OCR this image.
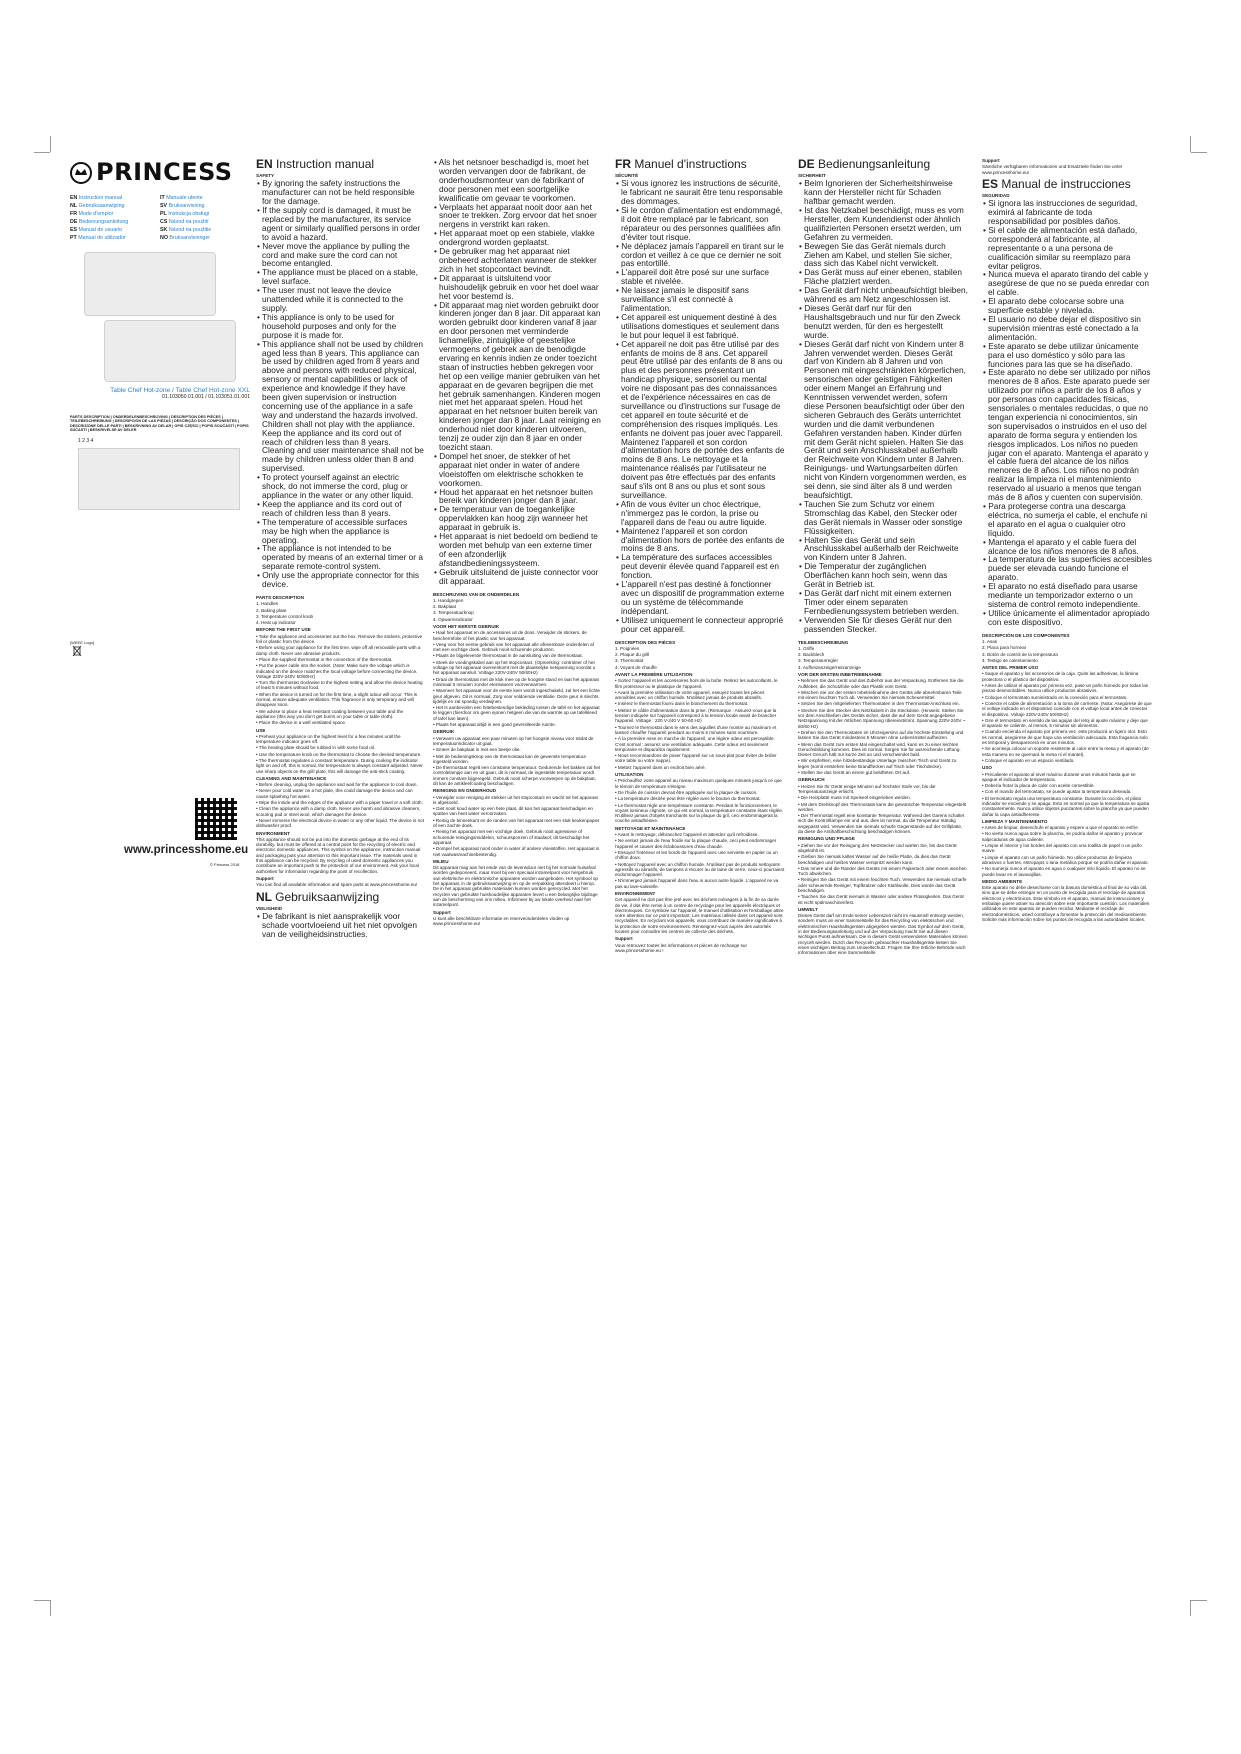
PRINCESS
EN Instruction manual	IT Manuale utente
NL Gebruiksaanwijzing	SV Bruksanvisning
FR Mode d'emploi	PL Instrukcja obsługi
DE Bedienungsanleitung	CS Návod na použití
ES Manual de usuario	SK Návod na použitie
PT Manual do utilizador	NO Bruksanvisninger
Table Chef Hot-zone / Table Chef Hot-zone XXL
01.103050.01.001 / 01.103051.01.001
PARTS DESCRIPTION | ONDERDELENBESCHRIJVING | DESCRIPTION DES PIÈCES | TEILEBESCHREIBUNG | DESCRIPCIÓN DE LAS PIEZAS | DESCRIÇÃO DOS COMPONENTES | DESCRIZIONE DELLE PARTI | BESKRIVNING AV DELAR | OPIS CZĘŚCI | POPIS SOUČÁSTÍ | POPIS SÚČASTÍ | BESKRIVELSE AV DELER
1 2 3 4
[WEEE Logo]
www.princesshome.eu
© Princess 2018
EN Instruction manual
SAFETY

• By ignoring the safety instructions the manufacturer can not be held responsible for the damage.

• If the supply cord is damaged, it must be replaced by the manufacturer, its service agent or similarly qualified persons in order to avoid a hazard.

• Never move the appliance by pulling the cord and make sure the cord can not become entangled.

• The appliance must be placed on a stable, level surface.

• The user must not leave the device unattended while it is connected to the supply.

• This appliance is only to be used for household purposes and only for the purpose it is made for.

• This appliance shall not be used by children aged less than 8 years. This appliance can be used by children aged from 8 years and above and persons with reduced physical, sensory or mental capabilities or lack of experience and knowledge if they have been given supervision or instruction concerning use of the appliance in a safe way and understand the hazards involved. Children shall not play with the appliance. Keep the appliance and its cord out of reach of children less than 8 years. Cleaning and user maintenance shall not be made by children unless older than 8 and supervised.

• To protect yourself against an electric shock, do not immerse the cord, plug or appliance in the water or any other liquid.

• Keep the appliance and its cord out of reach of children less than 8 years.

• The temperature of accessible surfaces may be high when the appliance is operating.

• The appliance is not intended to be operated by means of an external timer or a separate remote-control system.

• Only use the appropriate connector for this device.

PARTS DESCRIPTION

1. Handles

2. Baking plate

3. Temperature control knob

4. Heat up indicator

BEFORE THE FIRST USE

• Take the appliance and accessories out the box. Remove the stickers, protective foil or plastic from the device.

• Before using your appliance for the first time, wipe off all removable parts with a damp cloth. Never use abrasive products.

• Place the supplied thermostat in the connection of the thermostat.

• Put the power cable into the socket. (Note: Make sure the voltage which is indicated on the device matches the local voltage before connecting the device. Voltage 220V-240V 50/60Hz)

• Turn the thermostat clockwise to the highest setting and allow the device heating of least 5 minutes without food.

• When the device is turned on for the first time, a slight odour will occur. This is normal, ensure adequate ventilation. This fragrance is only temporary and will disappear soon.

• We advise to place a heat resistant coating between your table and the appliance (this way you don't get burns on your table or table cloth).

• Place the device in a well ventilated space.

USE

• Preheat your appliance on the highest level for a few minutes until the temperature indicator goes off.

• The heating plate should be rubbed in with some food oil.

• Use the temperature knob on the thermostat to choose the desired temperature.

• The thermostat regulates a constant temperature. During cooking the indicator light on and off, this is normal, the temperature is always constant adjusted. Never use sharp objects on the grill plate, this will damage the anti-stick coating.

CLEANING AND MAINTENANCE

• Before cleaning, unplug the appliance and wait for the appliance to cool down.

• Never pour cold water on a hot plate, this could damage the device and can cause splashing hot water.

• Wipe the inside and the edges of the appliance with a paper towel or a soft cloth.

• Clean the appliance with a damp cloth. Never use harsh and abrasive cleaners, scouring pad or steel wool, which damages the device.

• Never immerse the electrical device in water or any other liquid. The device is not dishwasher proof.

ENVIRONMENT

This appliance should not be put into the domestic garbage at the end of its durability, but must be offered at a central point for the recycling of electric and electronic domestic appliances. This symbol on the appliance, instruction manual and packaging puts your attention to this important issue. The materials used in this appliance can be recycled. By recycling of used domestic appliances you contribute an important push to the protection of our environment. Ask your local authorities for information regarding the point of recollection.

Support

You can find all available information and spare parts at www.princesshome.eu!

NL Gebruiksaanwijzing
VEILIGHEID

• De fabrikant is niet aansprakelijk voor schade voortvloeiend uit het niet opvolgen van de veiligheidsinstructies.

• Als het netsnoer beschadigd is, moet het worden vervangen door de fabrikant, de onderhoudsmonteur van de fabrikant of door personen met een soortgelijke kwalificatie om gevaar te voorkomen.

• Verplaats het apparaat nooit door aan het snoer te trekken. Zorg ervoor dat het snoer nergens in verstrikt kan raken.

• Het apparaat moet op een stabiele, vlakke ondergrond worden geplaatst.

• De gebruiker mag het apparaat niet onbeheerd achterlaten wanneer de stekker zich in het stopcontact bevindt.

• Dit apparaat is uitsluitend voor huishoudelijk gebruik en voor het doel waar het voor bestemd is.

• Dit apparaat mag niet worden gebruikt door kinderen jonger dan 8 jaar. Dit apparaat kan worden gebruikt door kinderen vanaf 8 jaar en door personen met verminderde lichamelijke, zintuiglijke of geestelijke vermogens of gebrek aan de benodigde ervaring en kennis indien ze onder toezicht staan of instructies hebben gekregen voor het op een veilige manier gebruiken van het apparaat en de gevaren begrijpen die met het gebruik samenhangen. Kinderen mogen niet met het apparaat spelen. Houd het apparaat en het netsnoer buiten bereik van kinderen jonger dan 8 jaar. Laat reiniging en onderhoud niet door kinderen uitvoeren, tenzij ze ouder zijn dan 8 jaar en onder toezicht staan.

• Dompel het snoer, de stekker of het apparaat niet onder in water of andere vloeistoffen om elektrische schokken te voorkomen.

• Houd het apparaat en het netsnoer buiten bereik van kinderen jonger dan 8 jaar.

• De temperatuur van de toegankelijke oppervlakken kan hoog zijn wanneer het apparaat in gebruik is.

• Het apparaat is niet bedoeld om bediend te worden met behulp van een externe timer of een afzonderlijk afstandbedieningssysteem.

• Gebruik uitsluitend de juiste connector voor dit apparaat.

BESCHRIJVING VAN DE ONDERDELEN

1. Handgrepen

2. Bakplaat

3. Temperatuurknop

4. Opwarmindicator

VOOR HET EERSTE GEBRUIK

• Haal het apparaat en de accessoires uit de doos. Verwijder de stickers, de beschermfolie of het plastic van het apparaat.

• Veeg voor het eerste gebruik van het apparaat alle afneembare onderdelen af met een vochtige doek. Gebruik nooit schurende producten.

• Plaats de bijgeleverde thermostaat in de aansluiting van de thermostaat.

• Steek de voedingskabel aan op het stopcontact. (Opmerking: controleer of het voltage op het apparaat overeenkomt met de plaatselijke netspanning voordat u het apparaat aansluit. Voltage 220V-240V 50/60Hz)

• Draai de thermostaat met de klok mee op de hoogste stand en laat het apparaat minimaal 5 minuten zonder etenswaren voorverwarmen.

• Wanneer het apparaat voor de eerste keer wordt ingeschakeld, zal het een lichte geur afgeven. Dit is normaal. Zorg voor voldoende ventilatie. Deze geur is slechts tijdelijk en zal spoedig verdwijnen.

• Het is aanbevolen een hittebestendige bekleding tussen de tafel en het apparaat te leggen (hierdoor om geen ejonen hetgeen die van de warmte op uw tafelkleed of tafel kan laten).

• Plaats het apparaat altijd in een goed geventileerde ruimte.

GEBRUIK

• Verwarm uw apparaat een paar minuten op het hoogste niveau voor totdat de temperatuurindicator uit gaat.

• Smeer de bakplaat in met een beetje olie.

• Met de bedieningsknop van de thermostaat kan de gewenste temperatuur ingesteld worden.

• De thermostaat regelt een constante temperatuur. Gedurende het bakken zal het controlelampje aan en uit gaan, dit is normaal, de ingestelde temperatuur wordt immers constant bijgeregeld. Gebruik nooit scherpe voorwerpen op de bakplaat, dit kan de antikleefcoating beschadigen.

REINIGING EN ONDERHOUD

• Verwijder voor reiniging de stekker uit het stopcontact en wacht tot het apparaat is afgekoeld.

• Giet nooit koud water op een hete plaat, dit kan het apparaat beschadigen en spatten van heet water veroorzaken.

• Reinig de binnenkant en de randen van het apparaat met een stuk keukenpapier of een zachte doek.

• Reinig het apparaat met een vochtige doek. Gebruik nooit agressieve of schurende reinigingsmiddelen, schuursponzen of staalwol; dit beschadigt het apparaat.

• Dompel het apparaat nooit onder in water of andere vloeistoffen. Het apparaat is niet vaatwasmachinebestendig.

MILIEU

Dit apparaat mag aan het einde van de levensduur niet bij het normale huisafval worden gedeponeerd, maar moet bij een speciaal inzamelpunt voor hergebruik van elektrische en elektronische apparaten worden aangeboden. Het symbool op het apparaat, in de gebruiksaanwijzing en op de verpakking attendeert u hierop. De in het apparaat gebruikte materialen kunnen worden gerecycled. Met het recyclen van gebruikte huishoudelijke apparaten levert u een belangrijke bijdrage aan de bescherming van ons milieu. Informeer bij uw lokale overheid naar het inzamelpunt.

Support

U kunt alle beschikbare informatie en reserveonderdelen vinden op www.princesshome.eu!

FR Manuel d'instructions
SÉCURITÉ

• Si vous ignorez les instructions de sécurité, le fabricant ne saurait être tenu responsable des dommages.

• Si le cordon d'alimentation est endommagé, il doit être remplacé par le fabricant, son réparateur ou des personnes qualifiées afin d'éviter tout risque.

• Ne déplacez jamais l'appareil en tirant sur le cordon et veillez à ce que ce dernier ne soit pas entortillé.

• L'appareil doit être posé sur une surface stable et nivelée.

• Ne laissez jamais le dispositif sans surveillance s'il est connecté à l'alimentation.

• Cet appareil est uniquement destiné à des utilisations domestiques et seulement dans le but pour lequel il est fabriqué.

• Cet appareil ne doit pas être utilisé par des enfants de moins de 8 ans. Cet appareil peut être utilisé par des enfants de 8 ans ou plus et des personnes présentant un handicap physique, sensoriel ou mental voire ne disposant pas des connaissances et de l'expérience nécessaires en cas de surveillance ou d'instructions sur l'usage de cet appareil en toute sécurité et de compréhension des risques impliqués. Les enfants ne doivent pas jouer avec l'appareil. Maintenez l'appareil et son cordon d'alimentation hors de portée des enfants de moins de 8 ans. Le nettoyage et la maintenance réalisés par l'utilisateur ne doivent pas être effectués par des enfants sauf s'ils ont 8 ans ou plus et sont sous surveillance.

• Afin de vous éviter un choc électrique, n'immergez pas le cordon, la prise ou l'appareil dans de l'eau ou autre liquide.

• Maintenez l'appareil et son cordon d'alimentation hors de portée des enfants de moins de 8 ans.

• La température des surfaces accessibles peut devenir élevée quand l'appareil est en fonction.

• L'appareil n'est pas destiné à fonctionner avec un dispositif de programmation externe ou un système de télécommande indépendant.

• Utilisez uniquement le connecteur approprié pour cet appareil.

DESCRIPTION DES PIÈCES

1. Poignées

2. Plaque du grill

3. Thermostat

4. Voyant de chauffe

AVANT LA PREMIÈRE UTILISATION

• Sortez l'appareil et les accessoires hors de la boîte. Retirez les autocollants, le film protecteur ou le plastique de l'appareil.

• Avant la première utilisation de votre appareil, essuyez toutes les pièces amovibles avec un chiffon humide. N'utilisez jamais de produits abrasifs.

• Insérez le thermostat fourni dans le branchement du thermostat.

• Mettez le câble d'alimentation dans la prise. (Remarque : Assurez-vous que la tension indiquée sur l'appareil correspond à la tension locale avant de brancher l'appareil. Voltage : 220 V-240 V 50-60 Hz)

• Tournez le thermostat dans le sens des aiguilles d'une montre au maximum et laissez chauffer l'appareil pendant au moins 5 minutes sans nourriture.

• À la première mise en marche de l'appareil, une légère odeur est perceptible. C'est normal : assurez une ventilation adéquate. Cette odeur est seulement temporaire et disparaîtra rapidement.

• Nous recommandons de poser l'appareil sur un sous-plat pour éviter de brûler votre table ou votre nappe).

• Mettez l'appareil dans un endroit bien aéré.

UTILISATION

• Préchauffez votre appareil au niveau maximum quelques minutes jusqu'à ce que le témoin de température s'éteigne.

• De l'huile de cuisson devrait être appliquée sur la plaque de cuisson.

• La température désirée peut être réglée avec le bouton du thermostat.

• Le thermostat règle une température constante. Pendant le fonctionnement, le voyant lumineux clignote, ce qui est normal, la température constante étant réglée. N'utilisez jamais d'objets tranchants sur la plaque du gril, ceci endommagerait la couche antiadhésive.

NETTOYAGE ET MAINTENANCE

• Avant le nettoyage, débranchez l'appareil et attendez qu'il refroidisse.

• Ne versez jamais de l'eau froide sur la plaque chaude, ceci peut endommager l'appareil et causer des éclaboussures d'eau chaude.

• Essuyez l'intérieur et les bords de l'appareil avec une serviette en papier ou un chiffon doux.

• Nettoyez l'appareil avec un chiffon humide. N'utilisez pas de produits nettoyants agressifs ou abrasifs, de tampons à récurer ou de laine de verre, ceux-ci pourraient endommager l'appareil.

• N'immergez jamais l'appareil dans l'eau ni aucun autre liquide. L'appareil ne va pas au lave-vaisselle.

ENVIRONNEMENT

Cet appareil ne doit pas être jeté avec les déchets ménagers à la fin de sa durée de vie, il doit être remis à un centre de recyclage pour les appareils électriques et électroniques. Ce symbole sur l'appareil, le manuel d'utilisation et l'emballage attire votre attention sur ce point important. Les matériaux utilisés dans cet appareil sont recyclables. En recyclant vos appareils, vous contribuez de manière significative à la protection de notre environnement. Renseignez-vous auprès des autorités locales pour connaître les centres de collecte des déchets.

Support

Vous retrouvez toutes les informations et pièces de rechange sur www.princesshome.eu !

DE Bedienungsanleitung
SICHERHEIT

• Beim Ignorieren der Sicherheitshinweise kann der Hersteller nicht für Schaden haftbar gemacht werden.

• Ist das Netzkabel beschädigt, muss es vom Hersteller, dem Kundendienst oder ähnlich qualifizierten Personen ersetzt werden, um Gefahren zu vermeiden.

• Bewegen Sie das Gerät niemals durch Ziehen am Kabel, und stellen Sie sicher, dass sich das Kabel nicht verwickelt.

• Das Gerät muss auf einer ebenen, stabilen Fläche platziert werden.

• Das Gerät darf nicht unbeaufsichtigt bleiben, während es am Netz angeschlossen ist.

• Dieses Gerät darf nur für den Haushaltsgebrauch und nur für den Zweck benutzt werden, für den es hergestellt wurde.

• Dieses Gerät darf nicht von Kindern unter 8 Jahren verwendet werden. Dieses Gerät darf von Kindern ab 8 Jahren und von Personen mit eingeschränkten körperlichen, sensorischen oder geistigen Fähigkeiten oder einem Mangel an Erfahrung und Kenntnissen verwendet werden, sofern diese Personen beaufsichtigt oder über den sicheren Gebrauch des Geräts unterrichtet wurden und die damit verbundenen Gefahren verstanden haben. Kinder dürfen mit dem Gerät nicht spielen. Halten Sie das Gerät und sein Anschlusskabel außerhalb der Reichweite von Kindern unter 8 Jahren. Reinigungs- und Wartungsarbeiten dürfen nicht von Kindern vorgenommen werden, es sei denn, sie sind älter als 8 und werden beaufsichtigt.

• Tauchen Sie zum Schutz vor einem Stromschlag das Kabel, den Stecker oder das Gerät niemals in Wasser oder sonstige Flüssigkeiten.

• Halten Sie das Gerät und sein Anschlusskabel außerhalb der Reichweite von Kindern unter 8 Jahren.

• Die Temperatur der zugänglichen Oberflächen kann hoch sein, wenn das Gerät in Betrieb ist.

• Das Gerät darf nicht mit einem externen Timer oder einem separaten Fernbedienungssystem betrieben werden.

• Verwenden Sie für dieses Gerät nur den passenden Stecker.

TEILEBESCHREIBUNG

1. Griffe

2. Backblech

3. Temperaturregler

4. Aufheizanzeige/Heizanzeige

VOR DER ERSTEN INBETRIEBNAHME

• Nehmen Sie das Gerät und das Zubehör aus der Verpackung. Entfernen Sie die Aufkleber, die Schutzfolie oder das Plastik vom Gerät.

• Wischen Sie vor der ersten Inbetriebnahme des Geräts alle abnehmbaren Teile mit einem feuchten Tuch ab. Verwenden Sie niemals Scheuermittel.

• Setzen Sie den mitgelieferten Thermostaten in den Thermostat-Anschluss ein.

• Stecken Sie den Stecker des Netzkabels in die Steckdose. (Hinweis: Stellen Sie vor dem Anschließen des Geräts sicher, dass die auf dem Gerät angegebene Netzspannung mit der örtlichen Spannung übereinstimmt. Spannung 220V-240V ~ 50/60 Hz)

• Drehen Sie den Thermostaten im Uhrzeigersinn auf die höchste Einstellung und lassen Sie das Gerät mindestens 5 Minuten ohne Lebensmittel aufheizen.

• Wenn das Gerät zum ersten Mal eingeschaltet wird, kann es zu einer leichten Geruchsbildung kommen. Dies ist normal. Sorgen Sie für ausreichende Lüftung. Dieser Geruch hält nur kurze Zeit an und verschwindet bald.

• Wir empfehlen, eine hitzebeständige Unterlage zwischen Tisch und Gerät zu legen (somit entstehen keine Brandflecken auf Tisch oder Tischdecke).

• Stellen Sie das Gerät an einem gut belüfteten Ort auf.

GEBRAUCH

• Heizen Sie Ihr Gerät einige Minuten auf höchster Stufe vor, bis die Temperaturanzeige erlischt.

• Die Heizplatte muss mit Speiseöl eingerieben werden.

• Mit dem Drehknopf des Thermostats kann die gewünschte Temperatur eingestellt werden.

• Der Thermostat regelt eine konstante Temperatur. Während des Garens schaltet sich die Kontrolllampe ein und aus, dies ist normal, da die Temperatur ständig angepasst wird. Verwenden Sie niemals scharfe Gegenstände auf der Grillplatte, da diese die Antihaftbeschichtung beschädigen können.

REINIGUNG UND PFLEGE

• Ziehen Sie vor der Reinigung den Netzstecker und warten Sie, bis das Gerät abgekühlt ist.

• Gießen Sie niemals kaltes Wasser auf die heiße Platte, da dies das Gerät beschädigen und heißes Wasser verspritzt werden kann.

• Das Innere und die Ränder des Geräts mit einem Papiertuch oder einem weichen Tuch abwischen.

• Reinigen Sie das Gerät mit einem feuchten Tuch. Verwenden Sie niemals scharfe oder scheuernde Reiniger, Topfkratzer oder Stahlwolle. Dies würde das Gerät beschädigen.

• Tauchen Sie das Gerät niemals in Wasser oder andere Flüssigkeiten. Das Gerät ist nicht spülmaschinenfest.

UMWELT

Dieses Gerät darf am Ende seiner Lebenszeit nicht im Hausmüll entsorgt werden, sondern muss an einer Sammelstelle für das Recycling von elektrischen und elektronischen Haushaltsgeräten abgegeben werden. Das Symbol auf dem Gerät, in der Bedienungsanleitung und auf der Verpackung macht Sie auf diesen wichtigen Punkt aufmerksam. Die in diesem Gerät verwendeten Materialien können recycelt werden. Durch das Recyceln gebrauchter Haushaltsgeräte leisten Sie einen wichtigen Beitrag zum Umweltschutz. Fragen Sie Ihre örtliche Behörde nach Informationen über eine Sammelstelle.

Support

Sämtliche verfügbaren Informationen und Ersatzteile finden Sie unter www.princesshome.eu!

ES Manual de instrucciones
SEGURIDAD

• Si ignora las instrucciones de seguridad, eximirá al fabricante de toda responsabilidad por posibles daños.

• Si el cable de alimentación está dañado, corresponderá al fabricante, al representante o a una persona de cualificación similar su reemplazo para evitar peligros.

• Nunca mueva el aparato tirando del cable y asegúrese de que no se pueda enredar con el cable.

• El aparato debe colocarse sobre una superficie estable y nivelada.

• El usuario no debe dejar el dispositivo sin supervisión mientras esté conectado a la alimentación.

• Este aparato se debe utilizar únicamente para el uso doméstico y sólo para las funciones para las que se ha diseñado.

• Este aparato no debe ser utilizado por niños menores de 8 años. Este aparato puede ser utilizado por niños a partir de los 8 años y por personas con capacidades físicas, sensoriales o mentales reducidas, o que no tengan experiencia ni conocimientos, sin son supervisados o instruidos en el uso del aparato de forma segura y entienden los riesgos implicados. Los niños no pueden jugar con el aparato. Mantenga el aparato y el cable fuera del alcance de los niños menores de 8 años. Los niños no podrán realizar la limpieza ni el mantenimiento reservado al usuario a menos que tengan más de 8 años y cuenten con supervisión.

• Para protegerse contra una descarga eléctrica, no sumerja el cable, el enchufe ni el aparato en el agua o cualquier otro líquido.

• Mantenga el aparato y el cable fuera del alcance de los niños menores de 8 años.

• La temperatura de las superficies accesibles puede ser elevada cuando funcione el aparato.

• El aparato no está diseñado para usarse mediante un temporizador externo o un sistema de control remoto independiente.

• Utilice únicamente el alimentador apropiado con este dispositivo.

DESCRIPCIÓN DE LOS COMPONENTES

1. Asas

2. Placa para hornear

3. Botón de control de la temperatura

4. Testigo de calentamiento

ANTES DEL PRIMER USO

• Saque el aparato y los accesorios de la caja. Quite las adhesivas, la lámina protectora o el plástico del dispositivo.

• Antes de utilizar el aparato por primera vez, pase un paño húmedo por todas las piezas desmontables. Nunca utilice productos abrasivos.

• Coloque el termostato suministrado en la conexión para el termostato.

• Conecte el cable de alimentación a la toma de corriente. (Nota: Asegúrese de que el voltaje indicado en el dispositivo coincide con el voltaje local antes de conectar el dispositivo. Voltaje 220V-240V 50/60Hz)

• Gire el termostato en sentido de las agujas del reloj al ajuste máximo y deje que el aparato se caliente, al menos, 5 minutos sin alimentos.

• Cuando encienda el aparato por primera vez, este producirá un ligero olor. Esto es normal, asegúrese de que haya una ventilación adecuada. Esta fragancia solo es temporal y desaparecerá en unos minutos.

• Se aconseja colocar un soporte resistente al calor entre la mesa y el aparato (de esta manera no se quemará la mesa ni el mantel).

• Coloque el aparato en un espacio ventilado.

USO

• Precaliente el aparato al nivel máximo durante unos minutos hasta que se apague el indicador de temperatura.

• Debería frotar la placa de calor con aceite comestible.

• Con el mando del termostato, se puede ajustar la temperatura deseada.

• El termostato regula una temperatura constante. Durante la cocción, el piloto indicador se enciende y se apaga. Esto es normal ya que la temperatura se ajusta constantemente. Nunca utilice objetos punzantes sobre la plancha ya que pueden dañar la capa antiadherente.

LIMPIEZA Y MANTENIMIENTO

• Antes de limpiar, desenchufe el aparato y espere a que el aparato se enfríe.

• No vierta nunca agua sobre la plancha, se podría dañar el aparato y provocar salpicaduras de agua caliente.

• Limpie el interior y los bordes del aparato con una toallita de papel o un paño suave.

• Limpie el aparato con un paño húmedo. No utilice productos de limpieza abrasivos o fuertes, estropajos o lana metálica porque se podría dañar el aparato.

• No sumerja nunca el aparato en agua o cualquier otro líquido. El aparato no se puede lavar en el lavavajillas.

MEDIO AMBIENTE

Este aparato no debe desecharse con la basura doméstica al final de su vida útil, sino que se debe entregar en un punto de recogida para el reciclaje de aparatos eléctricos y electrónicos. Este símbolo en el aparato, manual de instrucciones y embalaje quiere atraer su atención sobre este importante cuestión. Los materiales utilizados en este aparato se pueden reciclar. Mediante el reciclaje de electrodomésticos, usted contribuye a fomentar la protección del medioambiente. Solicite más información sobre los puntos de recogida a las autoridades locales.
